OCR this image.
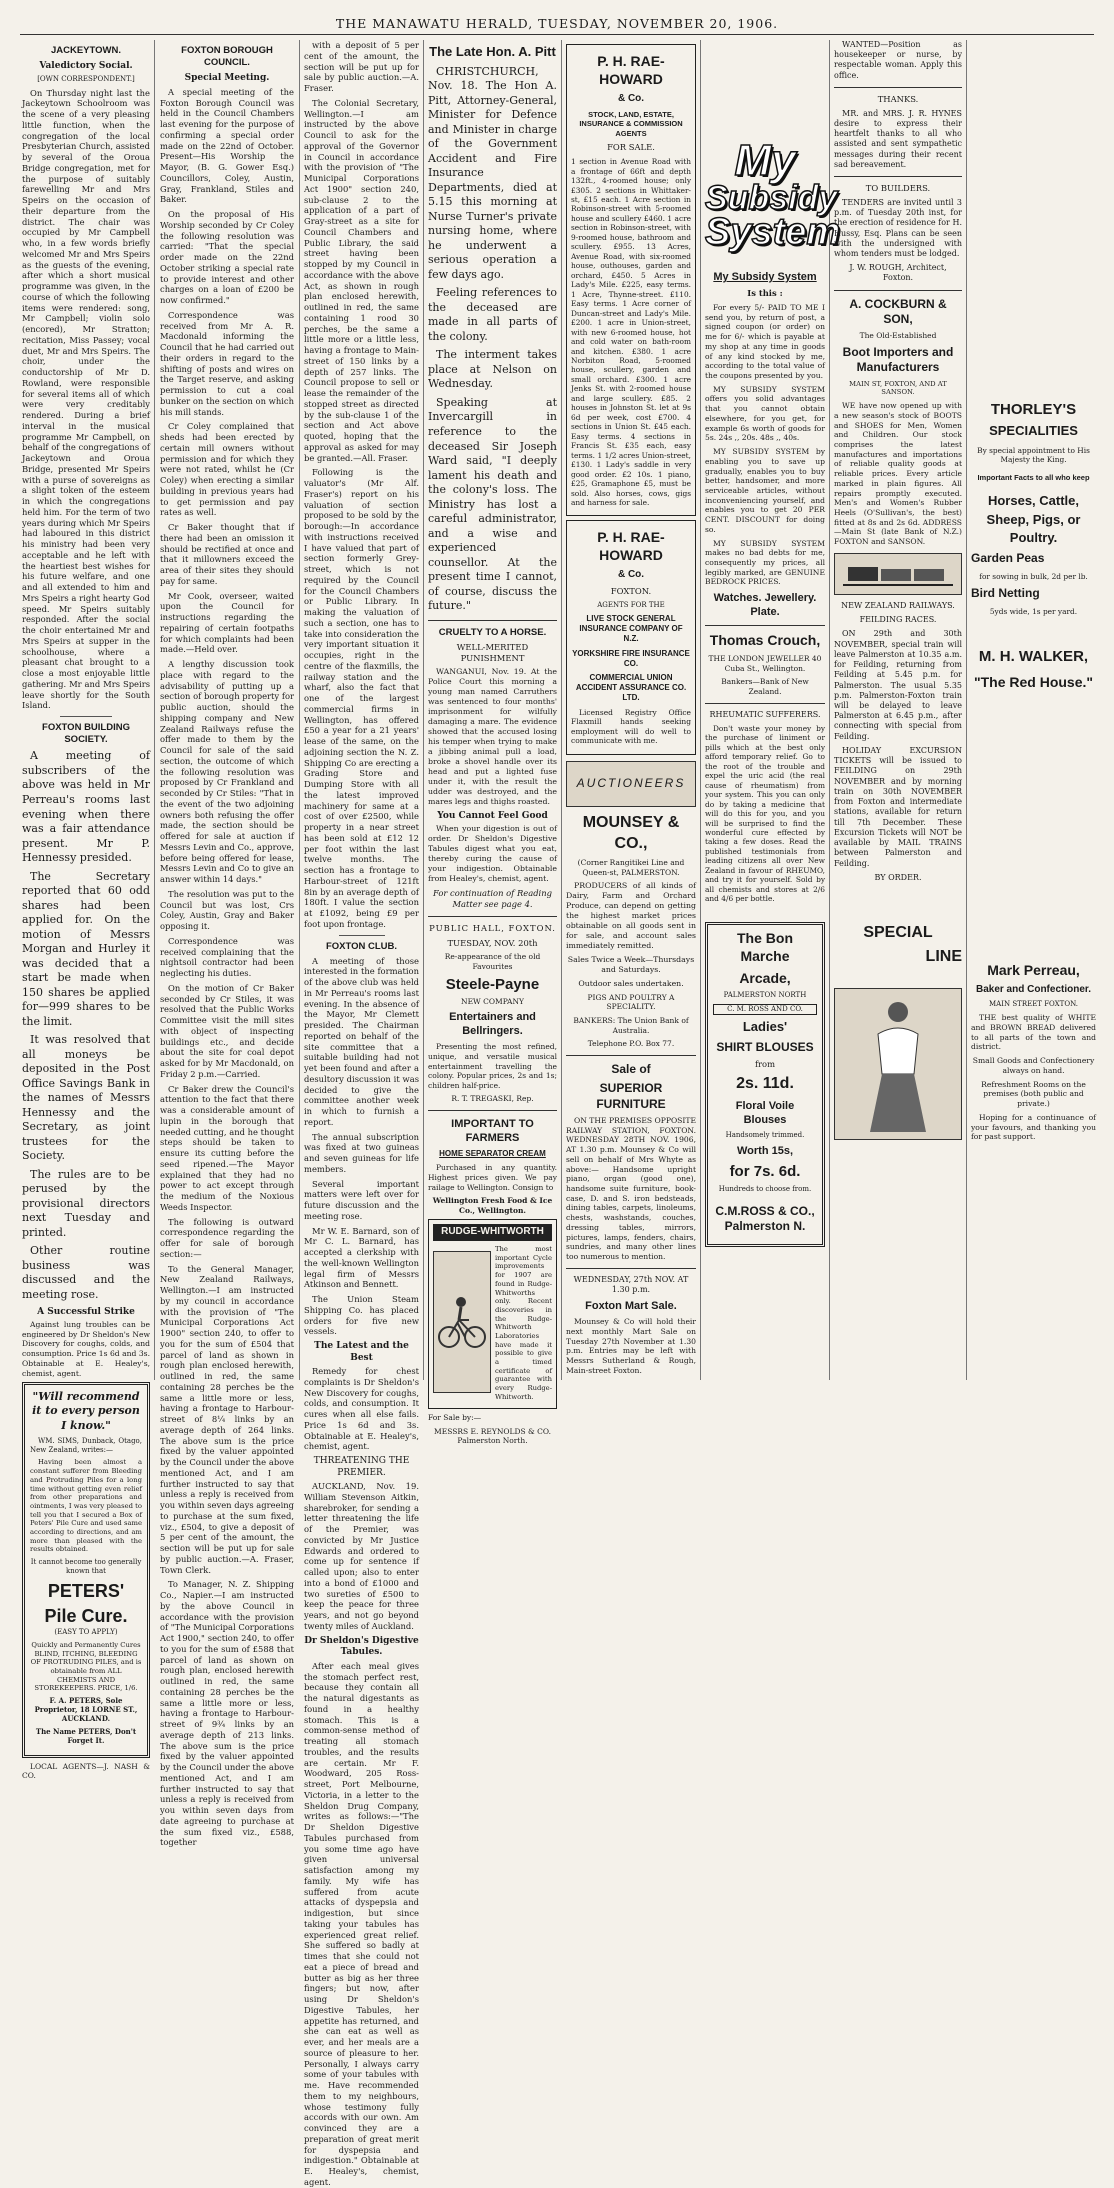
THE MANAWATU HERALD, TUESDAY, NOVEMBER 20, 1906.
JACKEYTOWN.
Valedictory Social.

[OWN CORRESPONDENT.]

On Thursday night last the Jackeytown Schoolroom was the scene of a very pleasing little function, when the congregation of the local Presbyterian Church, assisted by several of the Oroua Bridge congregation, met for the purpose of suitably farewelling Mr and Mrs Speirs on the occasion of their departure from the district. The chair was occupied by Mr Campbell who, in a few words briefly welcomed Mr and Mrs Speirs as the guests of the evening, after which a short musical programme was given, in the course of which the following items were rendered: song, Mr Campbell; violin solo (encored), Mr Stratton; recitation, Miss Passey; vocal duet, Mr and Mrs Speirs. The choir, under the conductorship of Mr D. Rowland, were responsible for several items all of which were very creditably rendered. During a brief interval in the musical programme Mr Campbell, on behalf of the congregations of Jackeytown and Oroua Bridge, presented Mr Speirs with a purse of sovereigns as a slight token of the esteem in which the congregations held him. For the term of two years during which Mr Speirs had laboured in this district his ministry had been very acceptable and he left with the heartiest best wishes for his future welfare, and one and all extended to him and Mrs Speirs a right hearty God speed. Mr Speirs suitably responded. After the social the choir entertained Mr and Mrs Speirs at supper in the schoolhouse, where a pleasant chat brought to a close a most enjoyable little gathering. Mr and Mrs Speirs leave shortly for the South Island.

FOXTON BUILDING SOCIETY.

A meeting of subscribers of the above was held in Mr Perreau's rooms last evening when there was a fair attendance present. Mr P. Hennessy presided.

The Secretary reported that 60 odd shares had been applied for. On the motion of Messrs Morgan and Hurley it was decided that a start be made when 150 shares be applied for—999 shares to be the limit.

It was resolved that all moneys be deposited in the Post Office Savings Bank in the names of Messrs Hennessy and the Secretary, as joint trustees for the Society.

The rules are to be perused by the provisional directors next Tuesday and printed.

Other routine business was discussed and the meeting rose.

A Successful Strike

Against lung troubles can be engineered by Dr Sheldon's New Discovery for coughs, colds, and consumption. Price 1s 6d and 3s. Obtainable at E. Healey's, chemist, agent.

"Will recommend it to every person I know."

WM. SIMS, Dunback, Otago, New Zealand, writes:—

Having been almost a constant sufferer from Bleeding and Protruding Piles for a long time without getting even relief from other preparations and ointments, I was very pleased to tell you that I secured a Box of Peters' Pile Cure and used same according to directions, and am more than pleased with the results obtained.

It cannot become too generally known that

PETERS'

Pile Cure.

(EASY TO APPLY)

Quickly and Permanently Cures BLIND, ITCHING, BLEEDING OF PROTRUDING PILES, and is obtainable from ALL CHEMISTS AND STOREKEEPERS. PRICE, 1/6.

F. A. PETERS, Sole Proprietor, 18 LORNE ST., AUCKLAND.

The Name PETERS, Don't Forget It.

LOCAL AGENTS—J. NASH & CO.

FOXTON BOROUGH COUNCIL.
Special Meeting.

A special meeting of the Foxton Borough Council was held in the Council Chambers last evening for the purpose of confirming a special order made on the 22nd of October. Present—His Worship the Mayor, (B. G. Gower Esq.) Councillors, Coley, Austin, Gray, Frankland, Stiles and Baker.

On the proposal of His Worship seconded by Cr Coley the following resolution was carried: "That the special order made on the 22nd October striking a special rate to provide interest and other charges on a loan of £200 be now confirmed."

Correspondence was received from Mr A. R. Macdonald informing the Council that he had carried out their orders in regard to the shifting of posts and wires on the Target reserve, and asking permission to cut a coal bunker on the section on which his mill stands.

Cr Coley complained that sheds had been erected by certain mill owners without permission and for which they were not rated, whilst he (Cr Coley) when erecting a similar building in previous years had to get permission and pay rates as well.

Cr Baker thought that if there had been an omission it should be rectified at once and that it millowners exceed the area of their sites they should pay for same.

Mr Cook, overseer, waited upon the Council for instructions regarding the repairing of certain footpaths for which complaints had been made.—Held over.

A lengthy discussion took place with regard to the advisability of putting up a section of borough property for public auction, should the shipping company and New Zealand Railways refuse the offer made to them by the Council for sale of the said section, the outcome of which the following resolution was proposed by Cr Frankland and seconded by Cr Stiles: "That in the event of the two adjoining owners both refusing the offer made, the section should be offered for sale at auction if Messrs Levin and Co., approve, before being offered for lease, Messrs Levin and Co to give an answer within 14 days."

The resolution was put to the Council but was lost, Crs Coley, Austin, Gray and Baker opposing it.

Correspondence was received complaining that the nightsoil contractor had been neglecting his duties.

On the motion of Cr Baker seconded by Cr Stiles, it was resolved that the Public Works Committee visit the mill sites with object of inspecting buildings etc., and decide about the site for coal depot asked for by Mr Macdonald, on Friday 2 p.m.—Carried.

Cr Baker drew the Council's attention to the fact that there was a considerable amount of lupin in the borough that needed cutting, and he thought steps should be taken to ensure its cutting before the seed ripened.—The Mayor explained that they had no power to act except through the medium of the Noxious Weeds Inspector.

The following is outward correspondence regarding the offer for sale of borough section:—

To the General Manager, New Zealand Railways, Wellington.—I am instructed by my council in accordance with the provision of "The Municipal Corporations Act 1900" section 240, to offer to you for the sum of £504 that parcel of land as shown in rough plan enclosed herewith, outlined in red, the same containing 28 perches be the same a little more or less, having a frontage to Harbour-street of 8¼ links by an average depth of 264 links. The above sum is the price fixed by the valuer appointed by the Council under the above mentioned Act, and I am further instructed to say that unless a reply is received from you within seven days agreeing to purchase at the sum fixed, viz., £504, to give a deposit of 5 per cent of the amount, the section will be put up for sale by public auction.—A. Fraser, Town Clerk.

To Manager, N. Z. Shipping Co., Napier.—I am instructed by the above Council in accordance with the provision of "The Municipal Corporations Act 1900," section 240, to offer to you for the sum of £588 that parcel of land as shown on rough plan, enclosed herewith outlined in red, the same containing 28 perches be the same a little more or less, having a frontage to Harbour-street of 9¾ links by an average depth of 213 links. The above sum is the price fixed by the valuer appointed by the Council under the above mentioned Act, and I am further instructed to say that unless a reply is received from you within seven days from date agreeing to purchase at the sum fixed viz., £588, together

with a deposit of 5 per cent of the amount, the section will be put up for sale by public auction.—A. Fraser.

The Colonial Secretary, Wellington.—I am instructed by the above Council to ask for the approval of the Governor in Council in accordance with the provision of "The Municipal Corporations Act 1900" section 240, sub-clause 2 to the application of a part of Gray-street as a site for Council Chambers and Public Library, the said street having been stopped by my Council in accordance with the above Act, as shown in rough plan enclosed herewith, outlined in red, the same containing 1 rood 30 perches, be the same a little more or a little less, having a frontage to Main-street of 150 links by a depth of 257 links. The Council propose to sell or lease the remainder of the stopped street as directed by the sub-clause 1 of the section and Act above quoted, hoping that the approval as asked for may be granted.—All. Fraser.

Following is the valuator's (Mr Alf. Fraser's) report on his valuation of section proposed to be sold by the borough:—In accordance with instructions received I have valued that part of section formerly Grey-street, which is not required by the Council for the Council Chambers or Public Library. In making the valuation of such a section, one has to take into consideration the very important situation it occupies, right in the centre of the flaxmills, the railway station and the wharf, also the fact that one of the largest commercial firms in Wellington, has offered £50 a year for a 21 years' lease of the same, on the adjoining section the N. Z. Shipping Co are erecting a Grading Store and Dumping Store with all the latest improved machinery for same at a cost of over £2500, while property in a near street has been sold at £12 12 per foot within the last twelve months. The section has a frontage to Harbour-street of 121ft 8in by an average depth of 180ft. I value the section at £1092, being £9 per foot upon frontage.

FOXTON CLUB.

A meeting of those interested in the formation of the above club was held in Mr Perreau's rooms last evening. In the absence of the Mayor, Mr Clemett presided. The Chairman reported on behalf of the site committee that a suitable building had not yet been found and after a desultory discussion it was decided to give the committee another week in which to furnish a report.

The annual subscription was fixed at two guineas and seven guineas for life members.

Several important matters were left over for future discussion and the meeting rose.

Mr W. E. Barnard, son of Mr C. L. Barnard, has accepted a clerkship with the well-known Wellington legal firm of Messrs Atkinson and Bennett.

The Union Steam Shipping Co. has placed orders for five new vessels.

The Latest and the Best

Remedy for chest complaints is Dr Sheldon's New Discovery for coughs, colds, and consumption. It cures when all else fails. Price 1s 6d and 3s. Obtainable at E. Healey's, chemist, agent.

THREATENING THE PREMIER.

AUCKLAND, Nov. 19. William Stevenson Aitkin, sharebroker, for sending a letter threatening the life of the Premier, was convicted by Mr Justice Edwards and ordered to come up for sentence if called upon; also to enter into a bond of £1000 and two sureties of £500 to keep the peace for three years, and not go beyond twenty miles of Auckland.

Dr Sheldon's Digestive Tabules.

After each meal gives the stomach perfect rest, because they contain all the natural digestants as found in a healthy stomach. This is a common-sense method of treating all stomach troubles, and the results are certain. Mr F. Woodward, 205 Ross-street, Port Melbourne, Victoria, in a letter to the Sheldon Drug Company, writes as follows:—"The Dr Sheldon Digestive Tabules purchased from you some time ago have given universal satisfaction among my family. My wife has suffered from acute attacks of dyspepsia and indigestion, but since taking your tabules has experienced great relief. She suffered so badly at times that she could not eat a piece of bread and butter as big as her three fingers; but now, after using Dr Sheldon's Digestive Tabules, her appetite has returned, and she can eat as well as ever, and her meals are a source of pleasure to her. Personally, I always carry some of your tabules with me. Have recommended them to my neighbours, whose testimony fully accords with our own. Am convinced they are a preparation of great merit for dyspepsia and indigestion." Obtainable at E. Healey's, chemist, agent.

The Late Hon. A. Pitt

CHRISTCHURCH, Nov. 18. The Hon A. Pitt, Attorney-General, Minister for Defence and Minister in charge of the Government Accident and Fire Insurance Departments, died at 5.15 this morning at Nurse Turner's private nursing home, where he underwent a serious operation a few days ago.

Feeling references to the deceased are made in all parts of the colony.

The interment takes place at Nelson on Wednesday.

Speaking at Invercargill in reference to the deceased Sir Joseph Ward said, "I deeply lament his death and the colony's loss. The Ministry has lost a careful administrator, and a wise and experienced counsellor. At the present time I cannot, of course, discuss the future."

CRUELTY TO A HORSE.

WELL-MERITED PUNISHMENT

WANGANUI, Nov. 19. At the Police Court this morning a young man named Carruthers was sentenced to four months' imprisonment for wilfully damaging a mare. The evidence showed that the accused losing his temper when trying to make a jibbing animal pull a load, broke a shovel handle over its head and put a lighted fuse under it, with the result the udder was destroyed, and the mares legs and thighs roasted.

You Cannot Feel Good

When your digestion is out of order. Dr Sheldon's Digestive Tabules digest what you eat, thereby curing the cause of your indigestion. Obtainable from Healey's, chemist, agent.

For continuation of Reading Matter see page 4.

PUBLIC HALL, FOXTON.

TUESDAY, NOV. 20th

Re-appearance of the old Favourites

Steele-Payne

NEW COMPANY

Entertainers and Bellringers.

Presenting the most refined, unique, and versatile musical entertainment travelling the colony. Popular prices, 2s and 1s; children half-price.

R. T. TREGASKI, Rep.

IMPORTANT TO FARMERS

HOME SEPARATOR CREAM

Purchased in any quantity. Highest prices given. We pay railage to Wellington. Consign to

Wellington Fresh Food & Ice Co., Wellington.

RUDGE-WHITWORTH

The most important Cycle improvements for 1907 are found in Rudge-Whitworths only. Recent discoveries in the Rudge-Whitworth Laboratories have made it possible to give a timed certificate of guarantee with every Rudge-Whitworth.

For Sale by:—

MESSRS E. REYNOLDS & CO. Palmerston North.

P. H. RAE-HOWARD

& Co.

STOCK, LAND, ESTATE, INSURANCE & COMMISSION AGENTS

FOR SALE.

1 section in Avenue Road with a frontage of 66ft and depth 132ft., 4-roomed house; only £305. 2 sections in Whittaker-st, £15 each. 1 Acre section in Robinson-street with 5-roomed house and scullery £460. 1 acre section in Robinson-street, with 9-roomed house, bathroom and scullery. £955. 13 Acres, Avenue Road, with six-roomed house, outhouses, garden and orchard, £450. 5 Acres in Lady's Mile. £225, easy terms. 1 Acre, Thynne-street. £110. Easy terms. 1 Acre corner of Duncan-street and Lady's Mile. £200. 1 acre in Union-street, with new 6-roomed house, hot and cold water on bath-room and kitchen. £380. 1 acre Norbiton Road, 5-roomed house, scullery, garden and small orchard. £300. 1 acre Jenks St. with 2-roomed house and large scullery. £85. 2 houses in Johnston St. let at 9s 6d per week, cost £700. 4 sections in Union St. £45 each. Easy terms. 4 sections in Francis St. £35 each, easy terms. 1 1/2 acres Union-street, £130. 1 Lady's saddle in very good order. £2 10s. 1 piano, £25, Gramaphone £5, must be sold. Also horses, cows, gigs and harness for sale.

P. H. RAE-HOWARD

& Co.

FOXTON.

AGENTS FOR THE

LIVE STOCK GENERAL INSURANCE COMPANY OF N.Z.

YORKSHIRE FIRE INSURANCE CO.

COMMERCIAL UNION ACCIDENT ASSURANCE CO. LTD.

Licensed Registry Office Flaxmill hands seeking employment will do well to communicate with me.

AUCTIONEERS
MOUNSEY & CO.,

(Corner Rangitikei Line and Queen-st, PALMERSTON.

PRODUCERS of all kinds of Dairy, Farm and Orchard Produce, can depend on getting the highest market prices obtainable on all goods sent in for sale, and account sales immediately remitted.

Sales Twice a Week—Thursdays and Saturdays.

Outdoor sales undertaken.

PIGS AND POULTRY A SPECIALITY.

BANKERS: The Union Bank of Australia.

Telephone P.O. Box 77.

Sale of

SUPERIOR FURNITURE

ON THE PREMISES OPPOSITE RAILWAY STATION, FOXTON. WEDNESDAY 28TH NOV. 1906, AT 1.30 p.m. Mounsey & Co will sell on behalf of Mrs Whyte as above:— Handsome upright piano, organ (good one), handsome suite furniture, book-case, D. and S. iron bedsteads, dining tables, carpets, linoleums, chests, washstands, couches, dressing tables, mirrors, pictures, lamps, fenders, chairs, sundries, and many other lines too numerous to mention.

WEDNESDAY, 27th NOV. AT 1.30 p.m.

Foxton Mart Sale.

Mounsey & Co will hold their next monthly Mart Sale on Tuesday 27th November at 1.30 p.m. Entries may be left with Messrs Sutherland & Rough, Main-street Foxton.

My
Subsidy
System

My Subsidy System

Is this :

For every 5/- PAID TO ME I send you, by return of post, a signed coupon (or order) on me for 6/- which is payable at my shop at any time in goods of any kind stocked by me, according to the total value of the coupons presented by you.

MY SUBSIDY SYSTEM offers you solid advantages that you cannot obtain elsewhere, for you get, for example 6s worth of goods for 5s. 24s ,, 20s. 48s ,, 40s.

MY SUBSIDY SYSTEM by enabling you to save up gradually, enables you to buy better, handsomer, and more serviceable articles, without inconveniencing yourself, and enables you to get 20 PER CENT. DISCOUNT for doing so.

MY SUBSIDY SYSTEM makes no bad debts for me, consequently my prices, all legibly marked, are GENUINE BEDROCK PRICES.

Watches. Jewellery. Plate.

Thomas Crouch,

THE LONDON JEWELLER 40 Cuba St., Wellington.

Bankers—Bank of New Zealand.

RHEUMATIC SUFFERERS.

Don't waste your money by the purchase of liniment or pills which at the best only afford temporary relief. Go to the root of the trouble and expel the uric acid (the real cause of rheumatism) from your system. This you can only do by taking a medicine that will do this for you, and you will be surprised to find the wonderful cure effected by taking a few doses. Read the published testimonials from leading citizens all over New Zealand in favour of RHEUMO, and try it for yourself. Sold by all chemists and stores at 2/6 and 4/6 per bottle.

The Bon Marche

Arcade,

PALMERSTON NORTH

C. M. ROSS AND CO.

Ladies'

SHIRT BLOUSES

from

2s. 11d.

Floral Voile Blouses

Handsomely trimmed.

Worth 15s,

for 7s. 6d.

Hundreds to choose from.

C.M.ROSS & CO., Palmerston N.

WANTED—Position as housekeeper or nurse, by respectable woman. Apply this office.

THANKS.

MR. and MRS. J. R. HYNES desire to express their heartfelt thanks to all who assisted and sent sympathetic messages during their recent sad bereavement.

TO BUILDERS.

TENDERS are invited until 3 p.m. of Tuesday 20th inst, for the erection of residence for H. Hussy, Esq. Plans can be seen with the undersigned with whom tenders must be lodged.

J. W. ROUGH, Architect, Foxton.

A. COCKBURN & SON,

The Old-Established

Boot Importers and Manufacturers

MAIN ST, FOXTON, AND AT SANSON.

WE have now opened up with a new season's stock of BOOTS and SHOES for Men, Women and Children. Our stock comprises the latest manufactures and importations of reliable quality goods at reliable prices. Every article marked in plain figures. All repairs promptly executed. Men's and Women's Rubber Heels (O'Sullivan's, the best) fitted at 8s and 2s 6d. ADDRESS—Main St (late Bank of N.Z.) FOXTON and SANSON.

NEW ZEALAND RAILWAYS.

FEILDING RACES.

ON 29th and 30th NOVEMBER, special train will leave Palmerston at 10.35 a.m. for Feilding, returning from Feilding at 5.45 p.m. for Palmerston. The usual 5.35 p.m. Palmerston-Foxton train will be delayed to leave Palmerston at 6.45 p.m., after connecting with special from Feilding.

HOLIDAY EXCURSION TICKETS will be issued to FEILDING on 29th NOVEMBER and by morning train on 30th NOVEMBER from Foxton and intermediate stations, available for return till 7th December. These Excursion Tickets will NOT be available by MAIL TRAINS between Palmerston and Feilding.

BY ORDER.

SPECIAL

LINE

THORLEY'S

SPECIALITIES

By special appointment to His Majesty the King.

Important Facts to all who keep

Horses, Cattle, Sheep, Pigs, or Poultry.

Garden Peas

for sowing in bulk, 2d per lb.

Bird Netting

5yds wide, 1s per yard.

M. H. WALKER,

"The Red House."

Mark Perreau,

Baker and Confectioner.

MAIN STREET FOXTON.

THE best quality of WHITE and BROWN BREAD delivered to all parts of the town and district.

Small Goods and Confectionery always on hand.

Refreshment Rooms on the premises (both public and private.)

Hoping for a continuance of your favours, and thanking you for past support.
